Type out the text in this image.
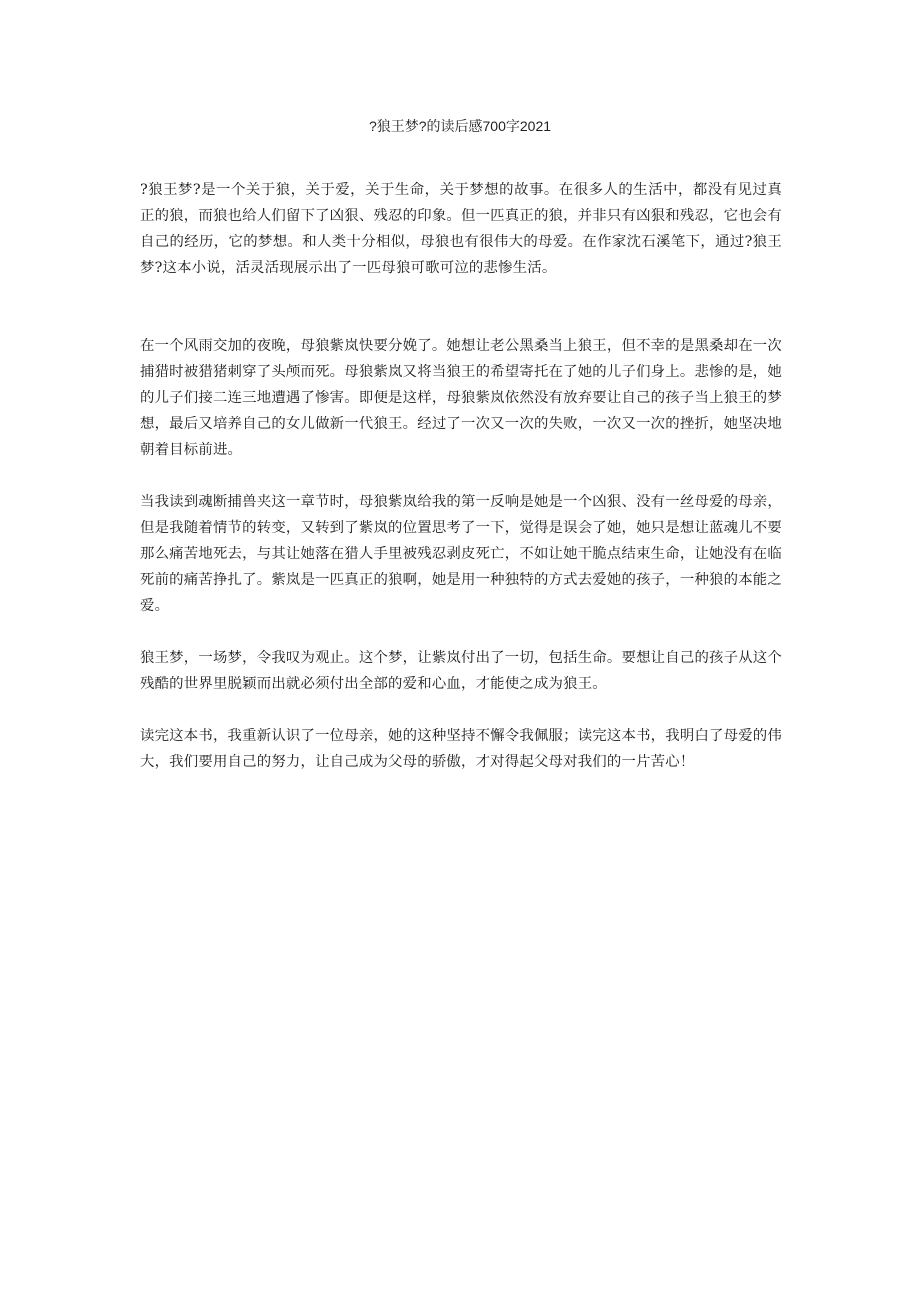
?狼王梦?的读后感700字2021

?狼王梦?是一个关于狼，关于爱，关于生命，关于梦想的故事。在很多人的生活中，都没有见过真正的狼，而狼也给人们留下了凶狠、残忍的印象。但一匹真正的狼，并非只有凶狠和残忍，它也会有自己的经历，它的梦想。和人类十分相似，母狼也有很伟大的母爱。在作家沈石溪笔下，通过?狼王梦?这本小说，活灵活现展示出了一匹母狼可歌可泣的悲惨生活。

在一个风雨交加的夜晚，母狼紫岚快要分娩了。她想让老公黑桑当上狼王，但不幸的是黑桑却在一次捕猎时被猎猪刺穿了头颅而死。母狼紫岚又将当狼王的希望寄托在了她的儿子们身上。悲惨的是，她的儿子们接二连三地遭遇了惨害。即便是这样，母狼紫岚依然没有放弃要让自己的孩子当上狼王的梦想，最后又培养自己的女儿做新一代狼王。经过了一次又一次的失败，一次又一次的挫折，她坚决地朝着目标前进。

当我读到魂断捕兽夹这一章节时，母狼紫岚给我的第一反响是她是一个凶狠、没有一丝母爱的母亲，但是我随着情节的转变，又转到了紫岚的位置思考了一下，觉得是误会了她，她只是想让蓝魂儿不要那么痛苦地死去，与其让她落在猎人手里被残忍剥皮死亡，不如让她干脆点结束生命，让她没有在临死前的痛苦挣扎了。紫岚是一匹真正的狼啊，她是用一种独特的方式去爱她的孩子，一种狼的本能之爱。

狼王梦，一场梦，令我叹为观止。这个梦，让紫岚付出了一切，包括生命。要想让自己的孩子从这个残酷的世界里脱颖而出就必须付出全部的爱和心血，才能使之成为狼王。

读完这本书，我重新认识了一位母亲，她的这种坚持不懈令我佩服；读完这本书，我明白了母爱的伟大，我们要用自己的努力，让自己成为父母的骄傲，才对得起父母对我们的一片苦心！
